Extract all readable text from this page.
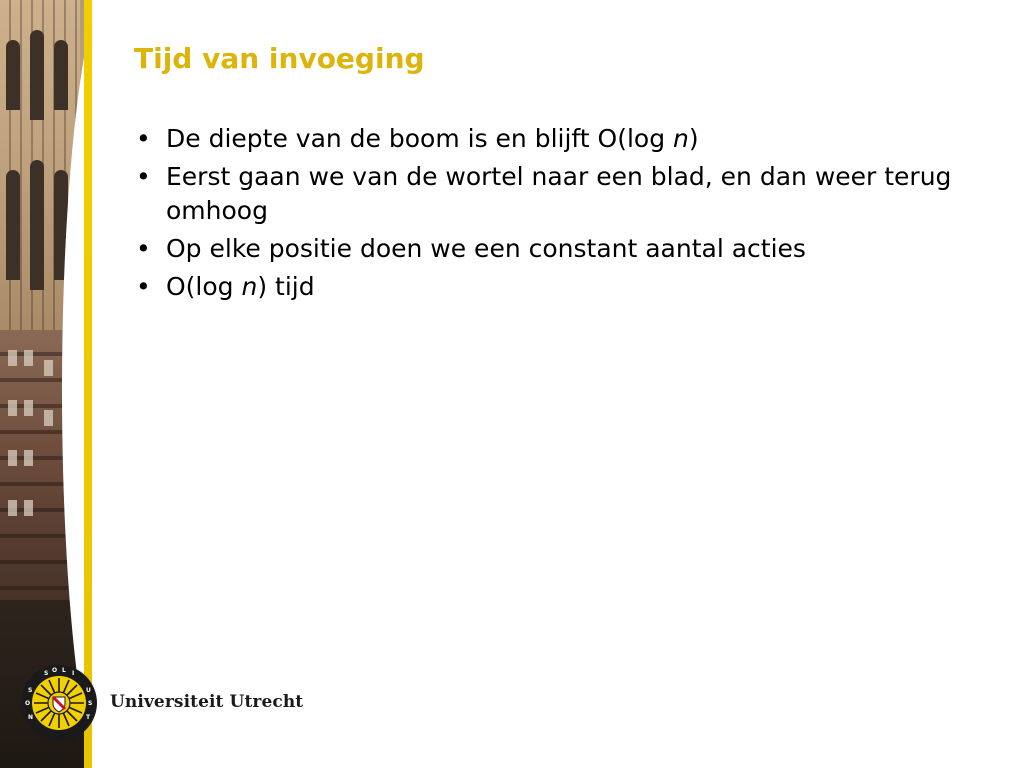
S O L I
S
O
N
U
S
T
Universiteit Utrecht
Tijd van invoeging
• De diepte van de boom is en blijft O(log n)
• Eerst gaan we van de wortel naar een blad, en dan weer terug omhoog
• Op elke positie doen we een constant aantal acties
• O(log n) tijd
